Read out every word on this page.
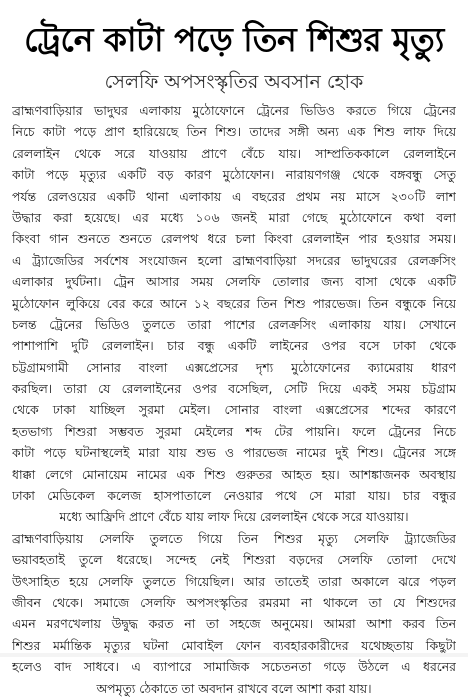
ট্রেনে কাটা পড়ে তিন শিশুর মৃত্যু
সেলফি অপসংস্কৃতির অবসান হোক
ব্রাহ্মণবাড়িয়ার ভাদুঘর এলাকায় মুঠোফোনে ট্রেনের ভিডিও করতে গিয়ে ট্রেনের
নিচে কাটা পড়ে প্রাণ হারিয়েছে তিন শিশু। তাদের সঙ্গী অন্য এক শিশু লাফ দিয়ে
রেললাইন থেকে সরে যাওয়ায় প্রাণে বেঁচে যায়। সাম্প্রতিককালে রেললাইনে
কাটা পড়ে মৃত্যুর একটি বড় কারণ মুঠোফোন। নারায়ণগঞ্জ থেকে বঙ্গবন্ধু সেতু
পর্যন্ত রেলওয়ের একটি থানা এলাকায় এ বছরের প্রথম নয় মাসে ২৩০টি লাশ
উদ্ধার করা হয়েছে। এর মধ্যে ১০৬ জনই মারা গেছে মুঠোফোনে কথা বলা
কিংবা গান শুনতে শুনতে রেলপথ ধরে চলা কিংবা রেললাইন পার হওয়ার সময়।
এ ট্র্যাজেডির সর্বশেষ সংযোজন হলো ব্রাহ্মণবাড়িয়া সদরের ভাদুঘরের রেলক্রসিং
এলাকার দুর্ঘটনা। ট্রেন আসার সময় সেলফি তোলার জন্য বাসা থেকে একটি
মুঠোফোন লুকিয়ে বের করে আনে ১২ বছরের তিন শিশু পারভেজ। তিন বন্ধুকে নিয়ে
চলন্ত ট্রেনের ভিডিও তুলতে তারা পাশের রেলক্রসিং এলাকায় যায়। সেখানে
পাশাপাশি দুটি রেললাইন। চার বন্ধু একটি লাইনের ওপর বসে ঢাকা থেকে
চট্টগ্রামগামী সোনার বাংলা এক্সপ্রেসের দৃশ্য মুঠোফোনের ক্যামেরায় ধারণ
করছিল। তারা যে রেললাইনের ওপর বসেছিল, সেটি দিয়ে একই সময় চট্টগ্রাম
থেকে ঢাকা যাচ্ছিল সুরমা মেইল। সোনার বাংলা এক্সপ্রেসের শব্দের কারণে
হতভাগ্য শিশুরা সম্ভবত সুরমা মেইলের শব্দ টের পায়নি। ফলে ট্রেনের নিচে
কাটা পড়ে ঘটনাস্থলেই মারা যায় শুভ ও পারভেজ নামের দুই শিশু। ট্রেনের সঙ্গে
ধাক্কা লেগে মোনায়েম নামের এক শিশু গুরুতর আহত হয়। আশঙ্কাজনক অবস্থায়
ঢাকা মেডিকেল কলেজ হাসপাতালে নেওয়ার পথে সে মারা যায়। চার বন্ধুর
মধ্যে আফ্রিদি প্রাণে বেঁচে যায় লাফ দিয়ে রেললাইন থেকে সরে যাওয়ায়।
ব্রাহ্মণবাড়িয়ায় সেলফি তুলতে গিয়ে তিন শিশুর মৃত্যু সেলফি ট্র্যাজেডির
ভয়াবহতাই তুলে ধরেছে। সন্দেহ নেই শিশুরা বড়দের সেলফি তোলা দেখে
উৎসাহিত হয়ে সেলফি তুলতে গিয়েছিল। আর তাতেই তারা অকালে ঝরে পড়ল
জীবন থেকে। সমাজে সেলফি অপসংস্কৃতির রমরমা না থাকলে তা যে শিশুদের
এমন মরণখেলায় উদ্বুদ্ধ করত না তা সহজে অনুমেয়। আমরা আশা করব তিন
শিশুর মর্মান্তিক মৃত্যুর ঘটনা মোবাইল ফোন ব্যবহারকারীদের যথেচ্ছতায় কিছুটা
হলেও বাদ সাধবে। এ ব্যাপারে সামাজিক সচেতনতা গড়ে উঠলে এ ধরনের
অপমৃত্যু ঠেকাতে তা অবদান রাখবে বলে আশা করা যায়।
